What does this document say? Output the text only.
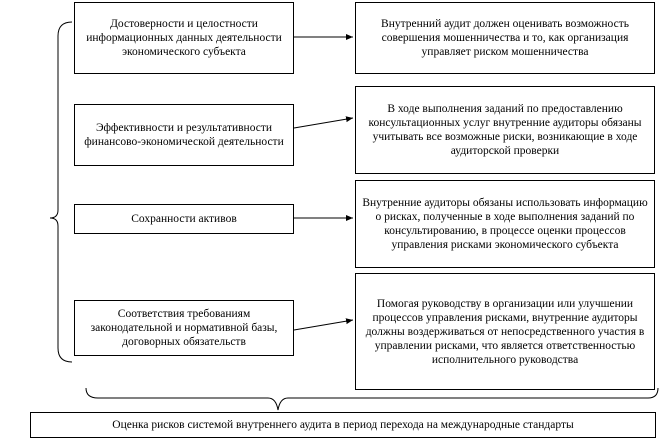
Достоверности и целостности информационных данных деятельности экономического субъекта
Эффективности и результативности финансово-экономической деятельности
Сохранности активов
Соответствия требованиям законодательной и нормативной базы, договорных обязательств
Внутренний аудит должен оценивать возможность совершения мошенничества и то, как организация управляет риском мошенничества
В ходе выполнения заданий по предоставлению консультационных услуг внутренние аудиторы обязаны учитывать все возможные риски, возникающие в ходе аудиторской проверки
Внутренние аудиторы обязаны использовать информацию о рисках, полученные в ходе выполнения заданий по консультированию, в процессе оценки процессов управления рисками экономического субъекта
Помогая руководству в организации или улучшении процессов управления рисками, внутренние аудиторы должны воздерживаться от непосредственного участия в управлении рисками, что является ответственностью исполнительного руководства
Оценка рисков системой внутреннего аудита в период перехода на международные стандарты
